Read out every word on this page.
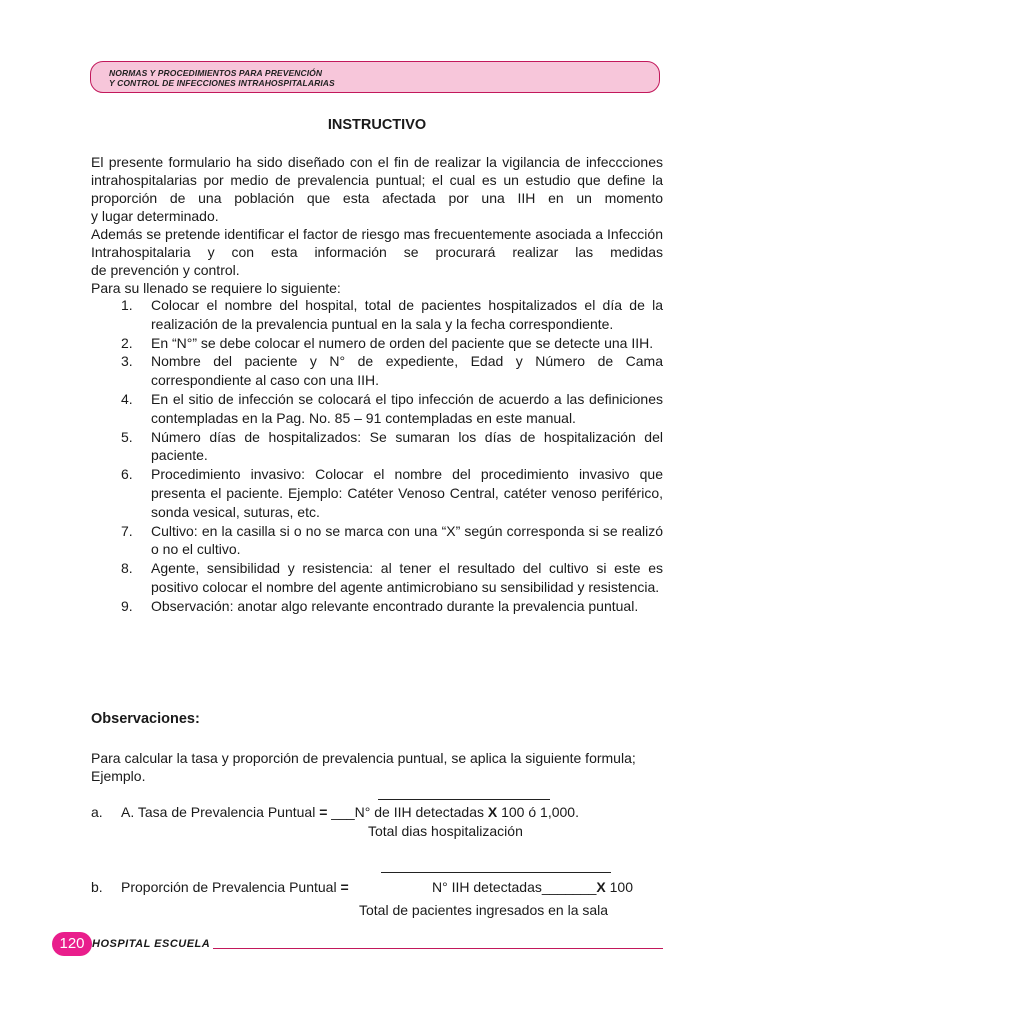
NORMAS Y PROCEDIMIENTOS PARA PREVENCIÓN
Y CONTROL DE INFECCIONES INTRAHOSPITALARIAS
INSTRUCTIVO
El presente formulario ha sido diseñado con el fin de realizar la vigilancia de infeccciones intrahospitalarias por medio de prevalencia puntual; el cual es un estudio que define la proporción de una población que esta afectada por una IIH en un momento
y lugar determinado.
Además se pretende identificar el factor de riesgo mas frecuentemente asociada a Infección Intrahospitalaria y con esta información se procurará realizar las medidas
de prevención y control.
Para su llenado se requiere lo siguiente:
1. Colocar el nombre del hospital, total de pacientes hospitalizados el día de la realización de la prevalencia puntual en la sala y la fecha correspondiente.
2. En “N°” se debe colocar el numero de orden del paciente que se detecte una IIH.
3. Nombre del paciente y N° de expediente, Edad y Número de Cama correspondiente al caso con una IIH.
4. En el sitio de infección se colocará el tipo infección de acuerdo a las definiciones contempladas en la Pag. No. 85 – 91 contempladas en este manual.
5. Número días de hospitalizados: Se sumaran los días de hospitalización del paciente.
6. Procedimiento invasivo: Colocar el nombre del procedimiento invasivo que presenta el paciente. Ejemplo: Catéter Venoso Central, catéter venoso periférico, sonda vesical, suturas, etc.
7. Cultivo: en la casilla si o no se marca con una “X” según corresponda si se realizó o no el cultivo.
8. Agente, sensibilidad y resistencia: al tener el resultado del cultivo si este es positivo colocar el nombre del agente antimicrobiano su sensibilidad y resistencia.
9. Observación: anotar algo relevante encontrado durante la prevalencia puntual.
Observaciones:
Para calcular la tasa y proporción de prevalencia puntual, se aplica la siguiente formula;
Ejemplo.
a. A. Tasa de Prevalencia Puntual = ___N° de IIH detectadas X 100 ó 1,000.
Total dias hospitalización
b. Proporción de Prevalencia Puntual =	N° IIH detectadas_______X 100
Total de pacientes ingresados en la sala
120 HOSPITAL ESCUELA
